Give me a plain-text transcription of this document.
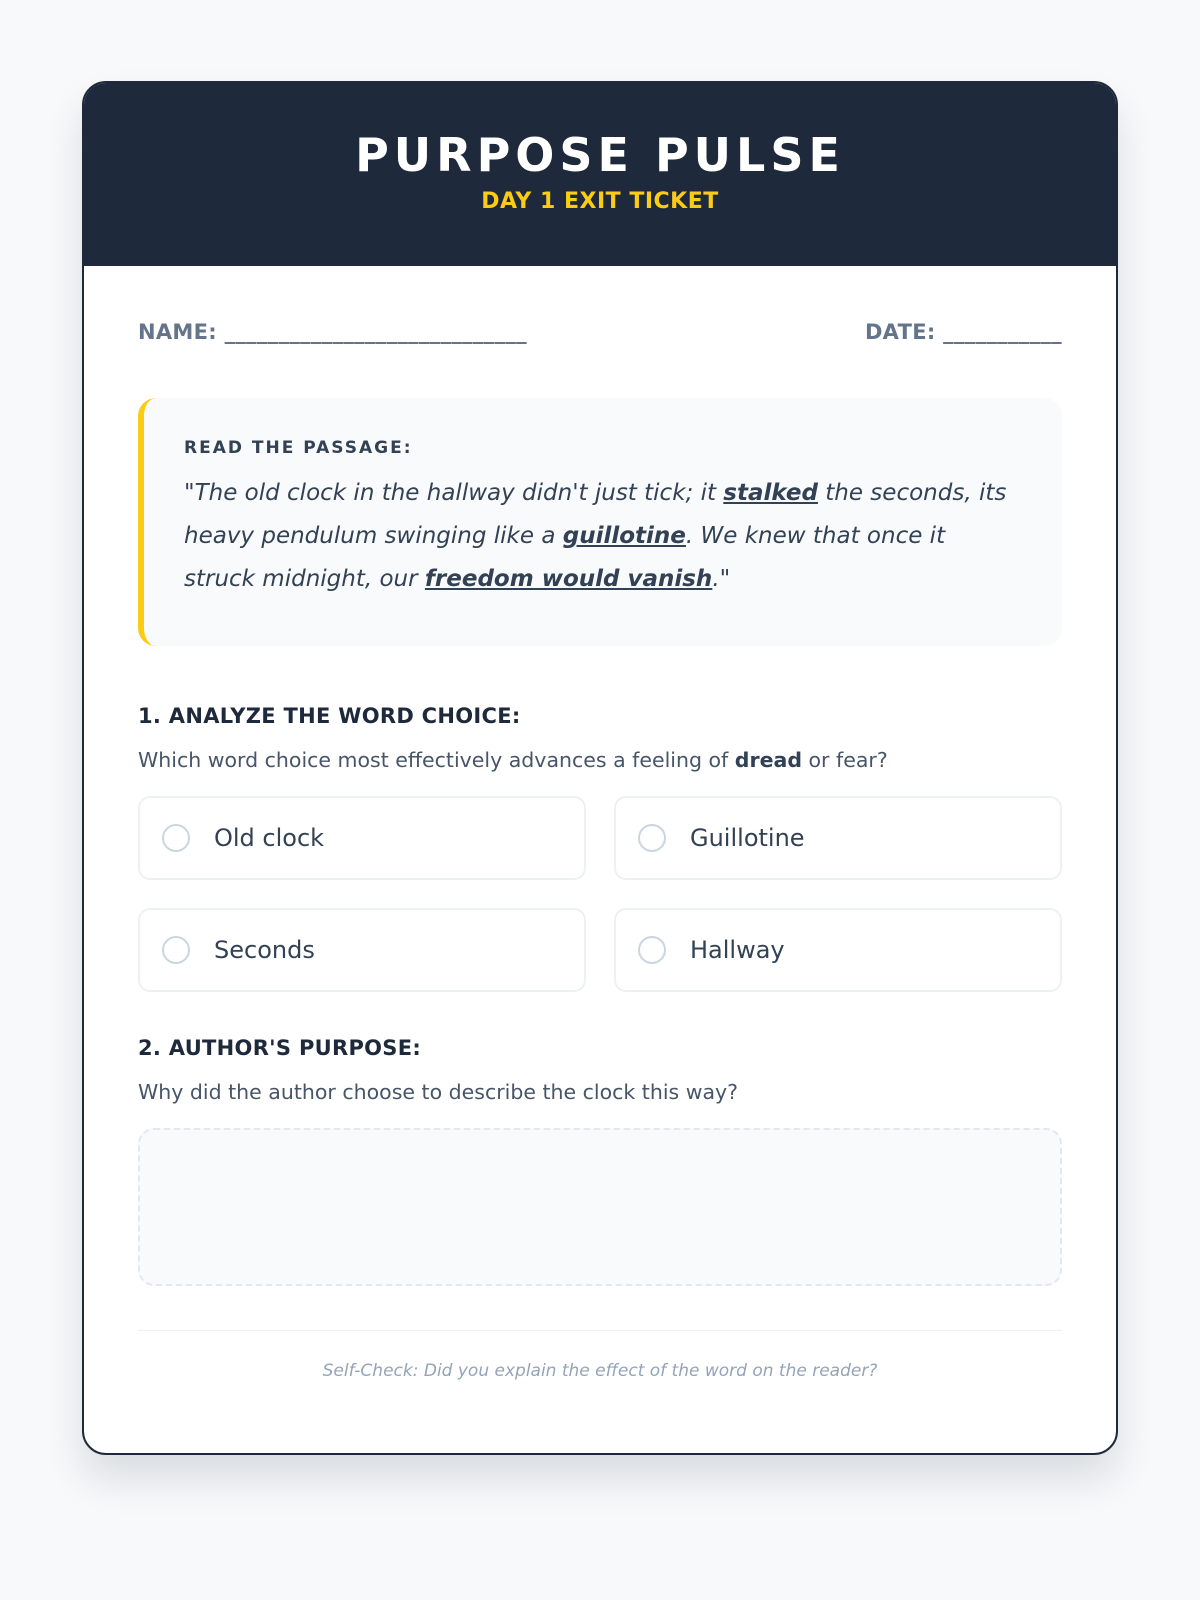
PURPOSE PULSE
DAY 1 EXIT TICKET
NAME: ____________________________	DATE: ___________
READ THE PASSAGE:
"The old clock in the hallway didn't just tick; it stalked the seconds, its heavy pendulum swinging like a guillotine. We knew that once it struck midnight, our freedom would vanish."
1. ANALYZE THE WORD CHOICE:
Which word choice most effectively advances a feeling of dread or fear?
Old clock	Guillotine
Seconds	Hallway
2. AUTHOR'S PURPOSE:
Why did the author choose to describe the clock this way?
Self-Check: Did you explain the effect of the word on the reader?
